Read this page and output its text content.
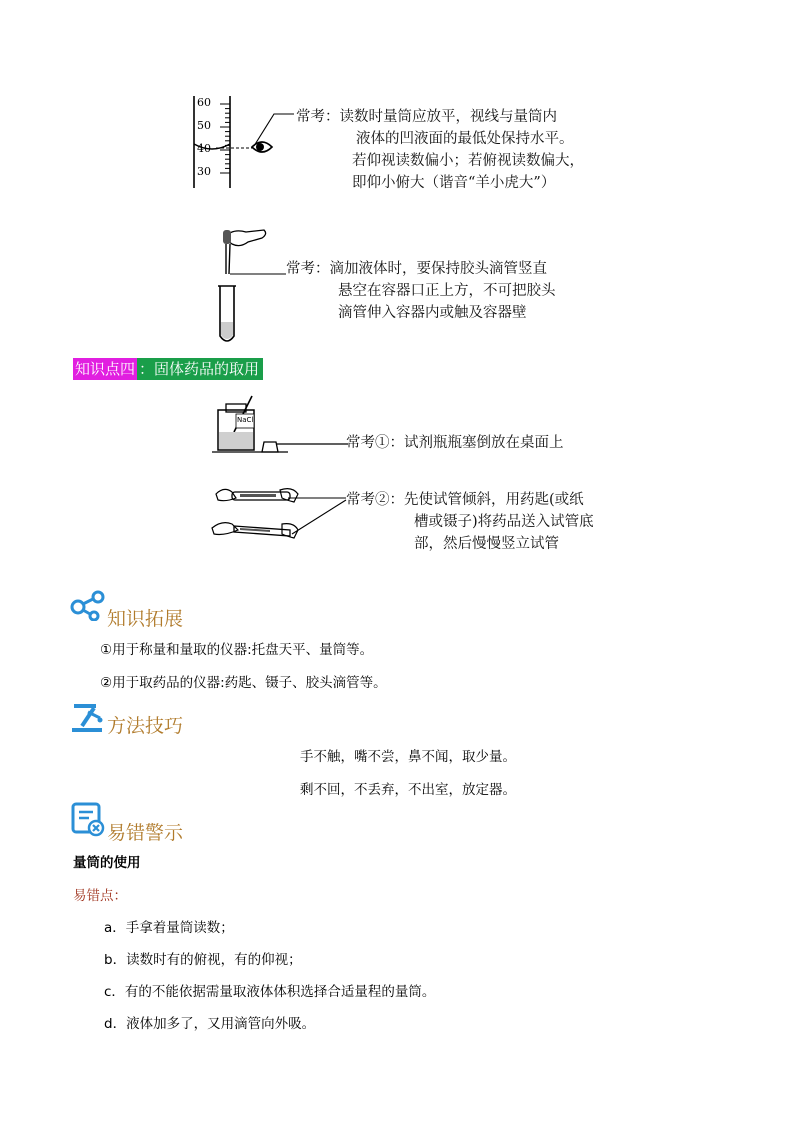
60
50
40
30
常考：读数时量筒应放平，视线与量筒内
液体的凹液面的最低处保持水平。
若仰视读数偏小；若俯视读数偏大，
即仰小俯大（谐音“羊小虎大”）
常考：滴加液体时，要保持胶头滴管竖直
悬空在容器口正上方，不可把胶头
滴管伸入容器内或触及容器壁
知识点四 ：固体药品的取用
NaCl
常考①：试剂瓶瓶塞倒放在桌面上
常考②：先使试管倾斜，用药匙(或纸
槽或镊子)将药品送入试管底
部，然后慢慢竖立试管
知识拓展
①用于称量和量取的仪器:托盘天平、量筒等。
②用于取药品的仪器:药匙、镊子、胶头滴管等。
方法技巧
手不触，嘴不尝，鼻不闻，取少量。
剩不回，不丢弃，不出室，放定器。
易错警示
量筒的使用
易错点：
a．手拿着量筒读数；
b．读数时有的俯视，有的仰视；
c．有的不能依据需量取液体体积选择合适量程的量筒。
d．液体加多了，又用滴管向外吸。
